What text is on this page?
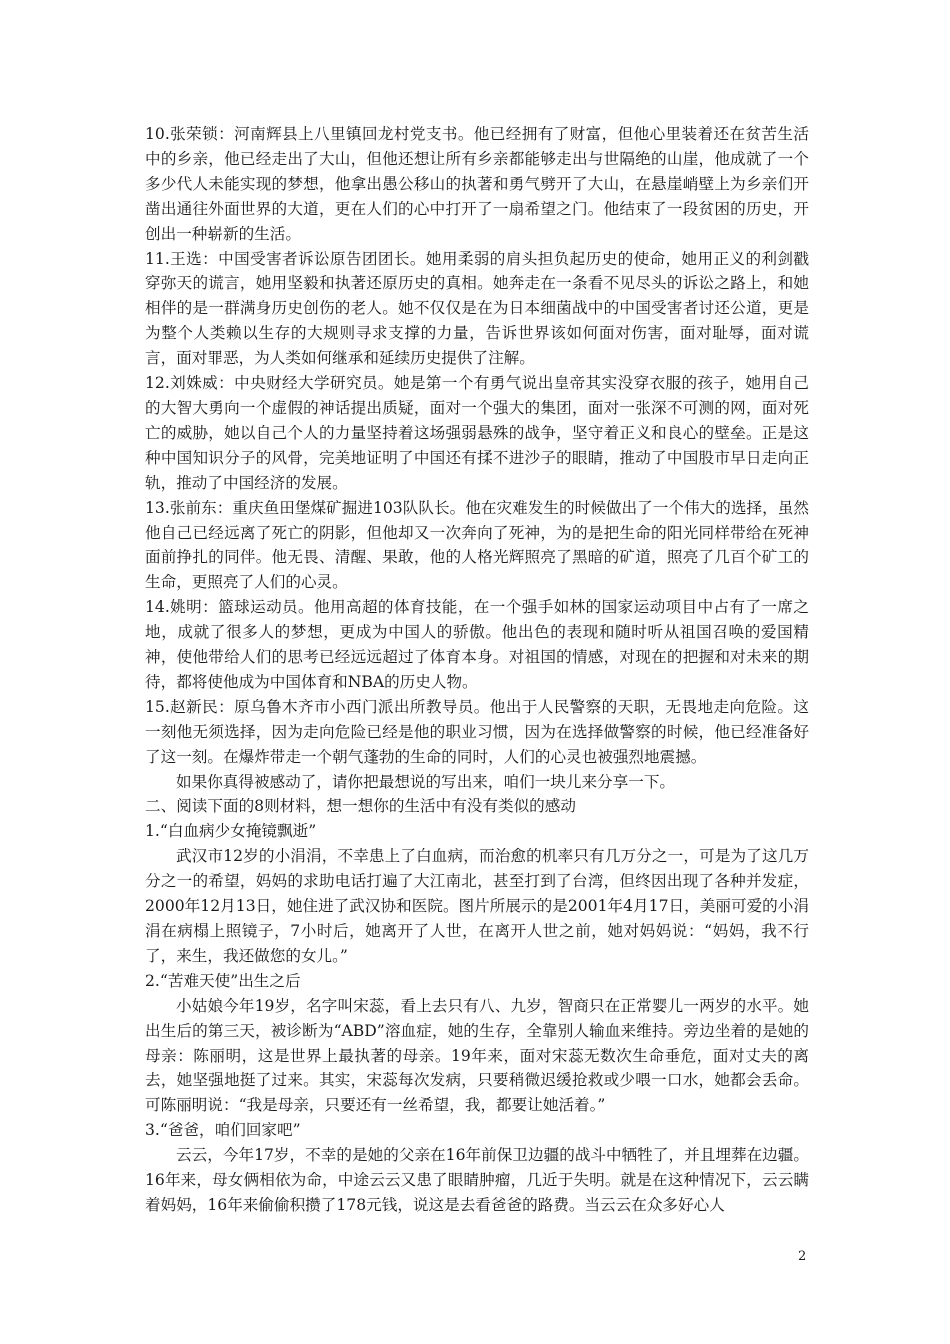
10.张荣锁：河南辉县上八里镇回龙村党支书。他已经拥有了财富，但他心里装着还在贫苦生活中的乡亲，他已经走出了大山，但他还想让所有乡亲都能够走出与世隔绝的山崖，他成就了一个多少代人未能实现的梦想，他拿出愚公移山的执著和勇气劈开了大山，在悬崖峭壁上为乡亲们开凿出通往外面世界的大道，更在人们的心中打开了一扇希望之门。他结束了一段贫困的历史，开创出一种崭新的生活。

11.王选：中国受害者诉讼原告团团长。她用柔弱的肩头担负起历史的使命，她用正义的利剑戳穿弥天的谎言，她用坚毅和执著还原历史的真相。她奔走在一条看不见尽头的诉讼之路上，和她相伴的是一群满身历史创伤的老人。她不仅仅是在为日本细菌战中的中国受害者讨还公道，更是为整个人类赖以生存的大规则寻求支撑的力量，告诉世界该如何面对伤害，面对耻辱，面对谎言，面对罪恶，为人类如何继承和延续历史提供了注解。

12.刘姝威：中央财经大学研究员。她是第一个有勇气说出皇帝其实没穿衣服的孩子，她用自己的大智大勇向一个虚假的神话提出质疑，面对一个强大的集团，面对一张深不可测的网，面对死亡的威胁，她以自己个人的力量坚持着这场强弱悬殊的战争，坚守着正义和良心的壁垒。正是这种中国知识分子的风骨，完美地证明了中国还有揉不进沙子的眼睛，推动了中国股市早日走向正轨，推动了中国经济的发展。

13.张前东：重庆鱼田堡煤矿掘进103队队长。他在灾难发生的时候做出了一个伟大的选择，虽然他自己已经远离了死亡的阴影，但他却又一次奔向了死神，为的是把生命的阳光同样带给在死神面前挣扎的同伴。他无畏、清醒、果敢，他的人格光辉照亮了黑暗的矿道，照亮了几百个矿工的生命，更照亮了人们的心灵。

14.姚明：篮球运动员。他用高超的体育技能，在一个强手如林的国家运动项目中占有了一席之地，成就了很多人的梦想，更成为中国人的骄傲。他出色的表现和随时听从祖国召唤的爱国精神，使他带给人们的思考已经远远超过了体育本身。对祖国的情感，对现在的把握和对未来的期待，都将使他成为中国体育和NBA的历史人物。

15.赵新民：原乌鲁木齐市小西门派出所教导员。他出于人民警察的天职，无畏地走向危险。这一刻他无须选择，因为走向危险已经是他的职业习惯，因为在选择做警察的时候，他已经准备好了这一刻。在爆炸带走一个朝气蓬勃的生命的同时，人们的心灵也被强烈地震撼。

如果你真得被感动了，请你把最想说的写出来，咱们一块儿来分享一下。

二、阅读下面的8则材料，想一想你的生活中有没有类似的感动

1.“白血病少女掩镜飘逝”

武汉市12岁的小涓涓，不幸患上了白血病，而治愈的机率只有几万分之一，可是为了这几万分之一的希望，妈妈的求助电话打遍了大江南北，甚至打到了台湾，但终因出现了各种并发症，2000年12月13日，她住进了武汉协和医院。图片所展示的是2001年4月17日，美丽可爱的小涓涓在病榻上照镜子，7小时后，她离开了人世，在离开人世之前，她对妈妈说：“妈妈，我不行了，来生，我还做您的女儿。”

2.“苦难天使”出生之后

小姑娘今年19岁，名字叫宋蕊，看上去只有八、九岁，智商只在正常婴儿一两岁的水平。她出生后的第三天，被诊断为“ABD”溶血症，她的生存，全靠别人输血来维持。旁边坐着的是她的母亲：陈丽明，这是世界上最执著的母亲。19年来，面对宋蕊无数次生命垂危，面对丈夫的离去，她坚强地挺了过来。其实，宋蕊每次发病，只要稍微迟缓抢救或少喂一口水，她都会丢命。可陈丽明说：“我是母亲，只要还有一丝希望，我，都要让她活着。”

3.“爸爸，咱们回家吧”

云云，今年17岁，不幸的是她的父亲在16年前保卫边疆的战斗中牺牲了，并且埋葬在边疆。16年来，母女俩相依为命，中途云云又患了眼睛肿瘤，几近于失明。就是在这种情况下，云云瞒着妈妈，16年来偷偷积攒了178元钱，说这是去看爸爸的路费。当云云在众多好心人

2
